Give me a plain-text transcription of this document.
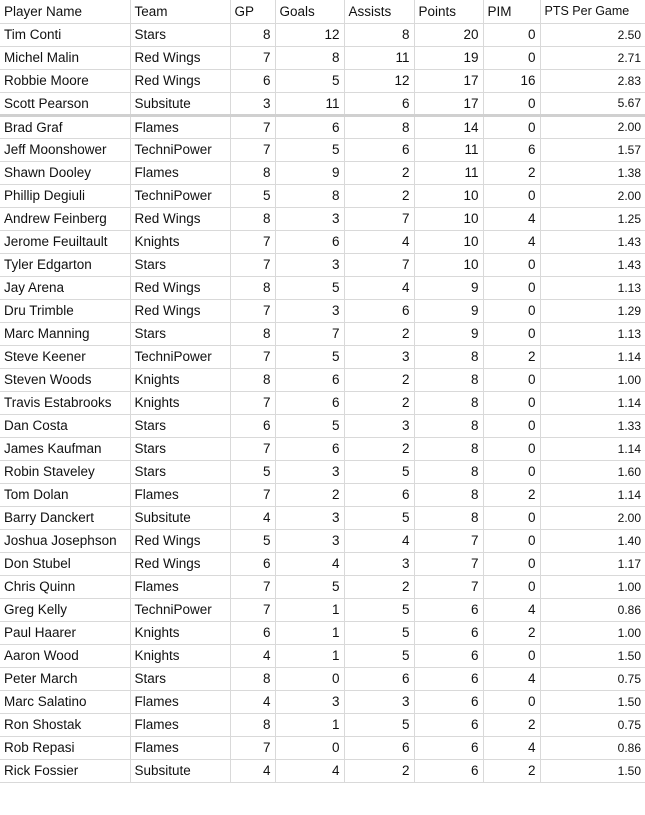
Player Name	Team	GP	Goals	Assists	Points	PIM	PTS Per Game
Tim Conti	Stars	8	12	8	20	0	2.50
Michel Malin	Red Wings	7	8	11	19	0	2.71
Robbie Moore	Red Wings	6	5	12	17	16	2.83
Scott Pearson	Subsitute	3	11	6	17	0	5.67
Brad Graf	Flames	7	6	8	14	0	2.00
Jeff Moonshower	TechniPower	7	5	6	11	6	1.57
Shawn Dooley	Flames	8	9	2	11	2	1.38
Phillip Degiuli	TechniPower	5	8	2	10	0	2.00
Andrew Feinberg	Red Wings	8	3	7	10	4	1.25
Jerome Feuiltault	Knights	7	6	4	10	4	1.43
Tyler Edgarton	Stars	7	3	7	10	0	1.43
Jay Arena	Red Wings	8	5	4	9	0	1.13
Dru Trimble	Red Wings	7	3	6	9	0	1.29
Marc Manning	Stars	8	7	2	9	0	1.13
Steve Keener	TechniPower	7	5	3	8	2	1.14
Steven Woods	Knights	8	6	2	8	0	1.00
Travis Estabrooks	Knights	7	6	2	8	0	1.14
Dan Costa	Stars	6	5	3	8	0	1.33
James Kaufman	Stars	7	6	2	8	0	1.14
Robin Staveley	Stars	5	3	5	8	0	1.60
Tom Dolan	Flames	7	2	6	8	2	1.14
Barry Danckert	Subsitute	4	3	5	8	0	2.00
Joshua Josephson	Red Wings	5	3	4	7	0	1.40
Don Stubel	Red Wings	6	4	3	7	0	1.17
Chris Quinn	Flames	7	5	2	7	0	1.00
Greg Kelly	TechniPower	7	1	5	6	4	0.86
Paul Haarer	Knights	6	1	5	6	2	1.00
Aaron Wood	Knights	4	1	5	6	0	1.50
Peter March	Stars	8	0	6	6	4	0.75
Marc Salatino	Flames	4	3	3	6	0	1.50
Ron Shostak	Flames	8	1	5	6	2	0.75
Rob Repasi	Flames	7	0	6	6	4	0.86
Rick Fossier	Subsitute	4	4	2	6	2	1.50
